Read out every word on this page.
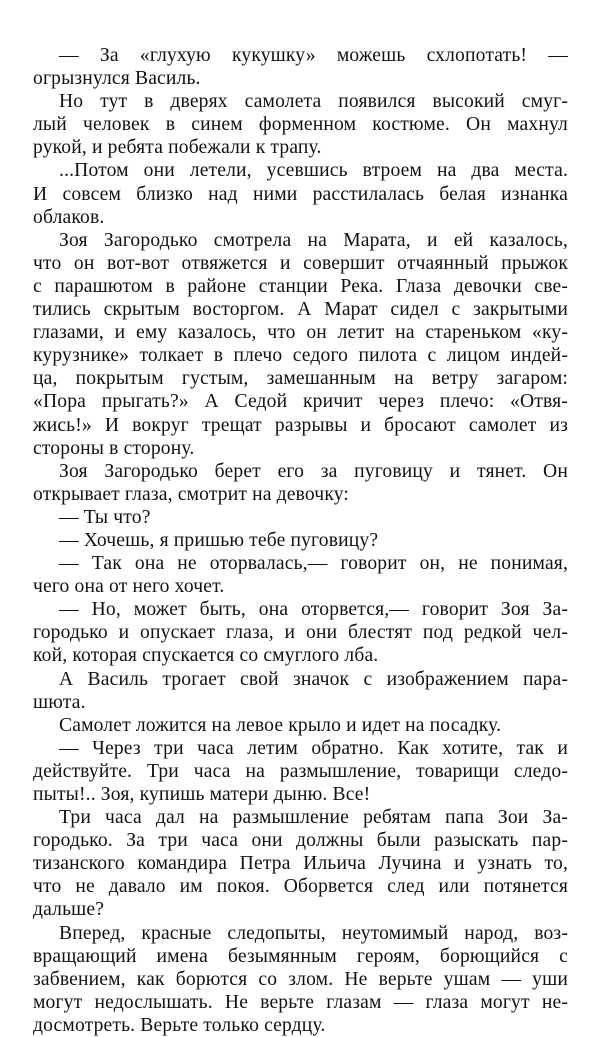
— За «глухую кукушку» можешь схлопотать! —
огрызнулся Василь.
Но тут в дверях самолета появился высокий смуг-
лый человек в синем форменном костюме. Он махнул
рукой, и ребята побежали к трапу.
...Потом они летели, усевшись втроем на два места.
И совсем близко над ними расстилалась белая изнанка
облаков.
Зоя Загородько смотрела на Марата, и ей казалось,
что он вот-вот отвяжется и совершит отчаянный прыжок
с парашютом в районе станции Река. Глаза девочки све-
тились скрытым восторгом. А Марат сидел с закрытыми
глазами, и ему казалось, что он летит на стареньком «ку-
курузнике» толкает в плечо седого пилота с лицом индей-
ца, покрытым густым, замешанным на ветру загаром:
«Пора прыгать?» А Седой кричит через плечо: «Отвя-
жись!» И вокруг трещат разрывы и бросают самолет из
стороны в сторону.
Зоя Загородько берет его за пуговицу и тянет. Он
открывает глаза, смотрит на девочку:
— Ты что?
— Хочешь, я пришью тебе пуговицу?
— Так она не оторвалась,— говорит он, не понимая,
чего она от него хочет.
— Но, может быть, она оторвется,— говорит Зоя За-
городько и опускает глаза, и они блестят под редкой чел-
кой, которая спускается со смуглого лба.
А Василь трогает свой значок с изображением пара-
шюта.
Самолет ложится на левое крыло и идет на посадку.
— Через три часа летим обратно. Как хотите, так и
действуйте. Три часа на размышление, товарищи следо-
пыты!.. Зоя, купишь матери дыню. Все!
Три часа дал на размышление ребятам папа Зои За-
городько. За три часа они должны были разыскать пар-
тизанского командира Петра Ильича Лучина и узнать то,
что не давало им покоя. Оборвется след или потянется
дальше?
Вперед, красные следопыты, неутомимый народ, воз-
вращающий имена безымянным героям, борющийся с
забвением, как борются со злом. Не верьте ушам — уши
могут недослышать. Не верьте глазам — глаза могут не-
досмотреть. Верьте только сердцу.
